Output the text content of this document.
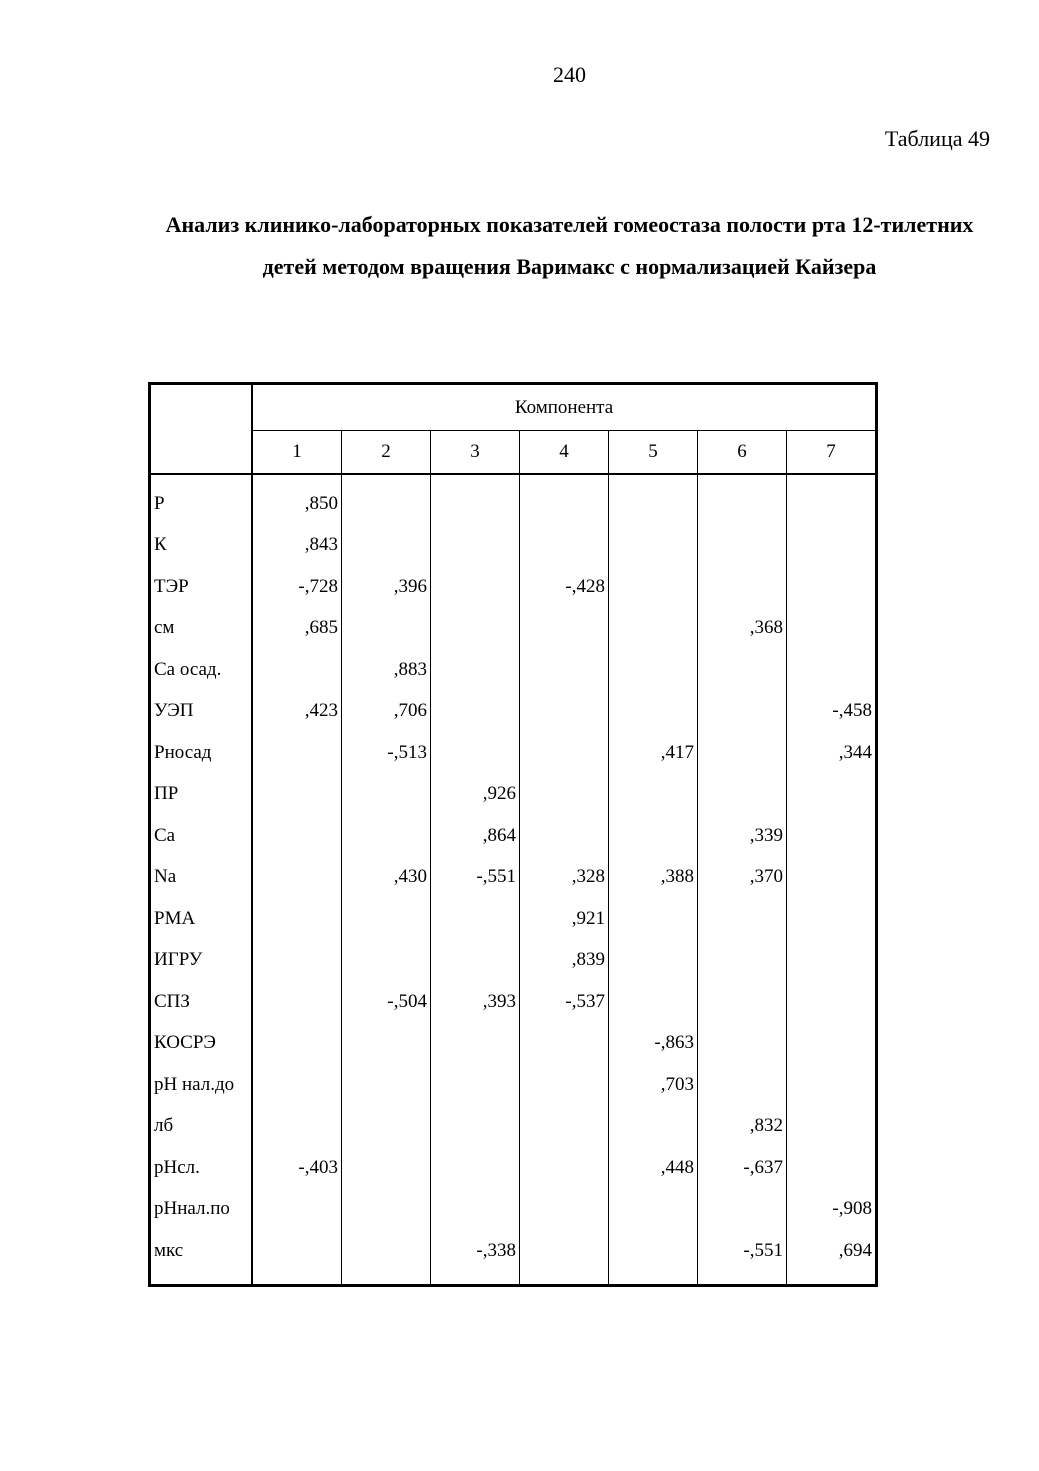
240
Таблица 49
Анализ клинико-лабораторных показателей гомеостаза полости рта 12-тилетних детей методом вращения Варимакс с нормализацией Кайзера
	Компонента						
	1	2	3	4	5	6	7
P	,850						
К	,843						
ТЭР	-,728	,396		-,428			
см	,685					,368	
Ca осад.		,883					
УЭП	,423	,706					-,458
Pносад		-,513			,417		,344
ПР			,926				
Ca			,864			,339	
Na		,430	-,551	,328	,388	,370	
PMA				,921			
ИГРУ				,839			
СПЗ		-,504	,393	-,537			
КОСРЭ					-,863		
pH нал.до					,703		
лб						,832	
pHсл.	-,403				,448	-,637	
pHнал.по							-,908
мкс			-,338			-,551	,694
